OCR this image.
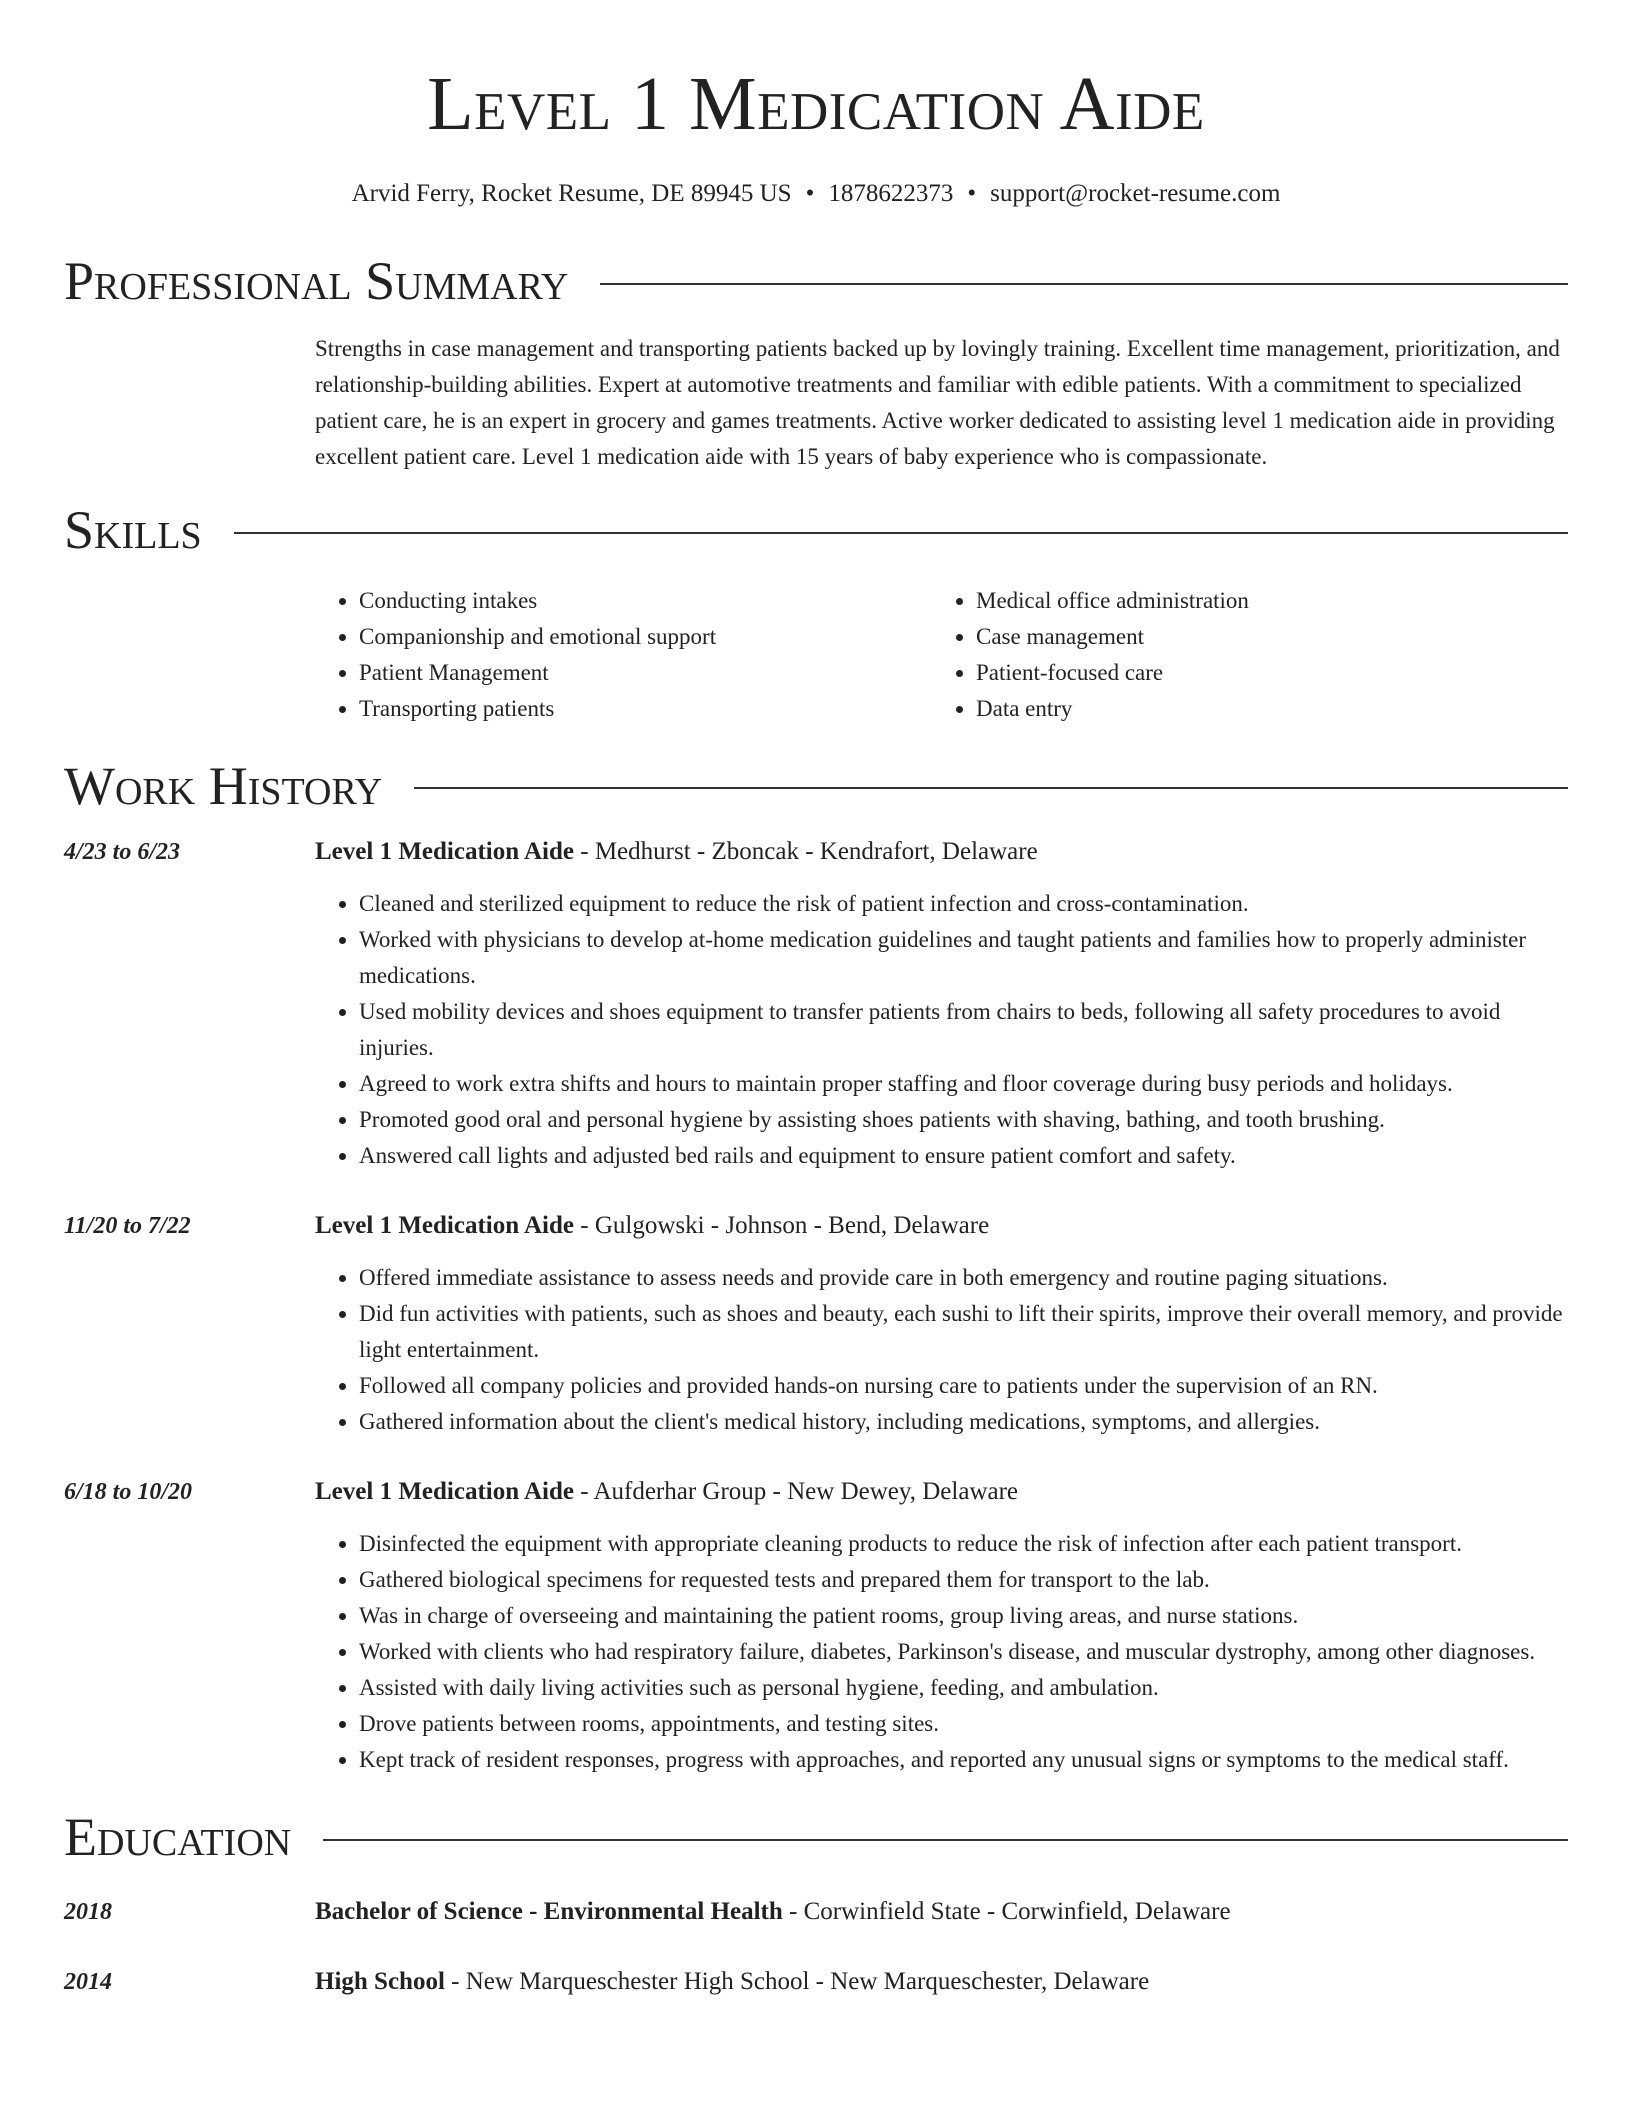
Level 1 Medication Aide
Arvid Ferry, Rocket Resume, DE 89945 US • 1878622373 • support@rocket-resume.com
Professional Summary

Strengths in case management and transporting patients backed up by lovingly training. Excellent time management, prioritization, and relationship-building abilities. Expert at automotive treatments and familiar with edible patients. With a commitment to specialized patient care, he is an expert in grocery and games treatments. Active worker dedicated to assisting level 1 medication aide in providing excellent patient care. Level 1 medication aide with 15 years of baby experience who is compassionate.

Skills
• Conducting intakes
• Companionship and emotional support
• Patient Management
• Transporting patients
• Medical office administration
• Case management
• Patient-focused care
• Data entry
Work History
4/23 to 6/23	Level 1 Medication Aide - Medhurst - Zboncak - Kendrafort, Delaware
• Cleaned and sterilized equipment to reduce the risk of patient infection and cross-contamination.
• Worked with physicians to develop at-home medication guidelines and taught patients and families how to properly administer medications.
• Used mobility devices and shoes equipment to transfer patients from chairs to beds, following all safety procedures to avoid injuries.
• Agreed to work extra shifts and hours to maintain proper staffing and floor coverage during busy periods and holidays.
• Promoted good oral and personal hygiene by assisting shoes patients with shaving, bathing, and tooth brushing.
• Answered call lights and adjusted bed rails and equipment to ensure patient comfort and safety.
11/20 to 7/22	Level 1 Medication Aide - Gulgowski - Johnson - Bend, Delaware
• Offered immediate assistance to assess needs and provide care in both emergency and routine paging situations.
• Did fun activities with patients, such as shoes and beauty, each sushi to lift their spirits, improve their overall memory, and provide light entertainment.
• Followed all company policies and provided hands-on nursing care to patients under the supervision of an RN.
• Gathered information about the client's medical history, including medications, symptoms, and allergies.
6/18 to 10/20	Level 1 Medication Aide - Aufderhar Group - New Dewey, Delaware
• Disinfected the equipment with appropriate cleaning products to reduce the risk of infection after each patient transport.
• Gathered biological specimens for requested tests and prepared them for transport to the lab.
• Was in charge of overseeing and maintaining the patient rooms, group living areas, and nurse stations.
• Worked with clients who had respiratory failure, diabetes, Parkinson's disease, and muscular dystrophy, among other diagnoses.
• Assisted with daily living activities such as personal hygiene, feeding, and ambulation.
• Drove patients between rooms, appointments, and testing sites.
• Kept track of resident responses, progress with approaches, and reported any unusual signs or symptoms to the medical staff.
Education
2018	Bachelor of Science - Environmental Health - Corwinfield State - Corwinfield, Delaware
2014	High School - New Marqueschester High School - New Marqueschester, Delaware
